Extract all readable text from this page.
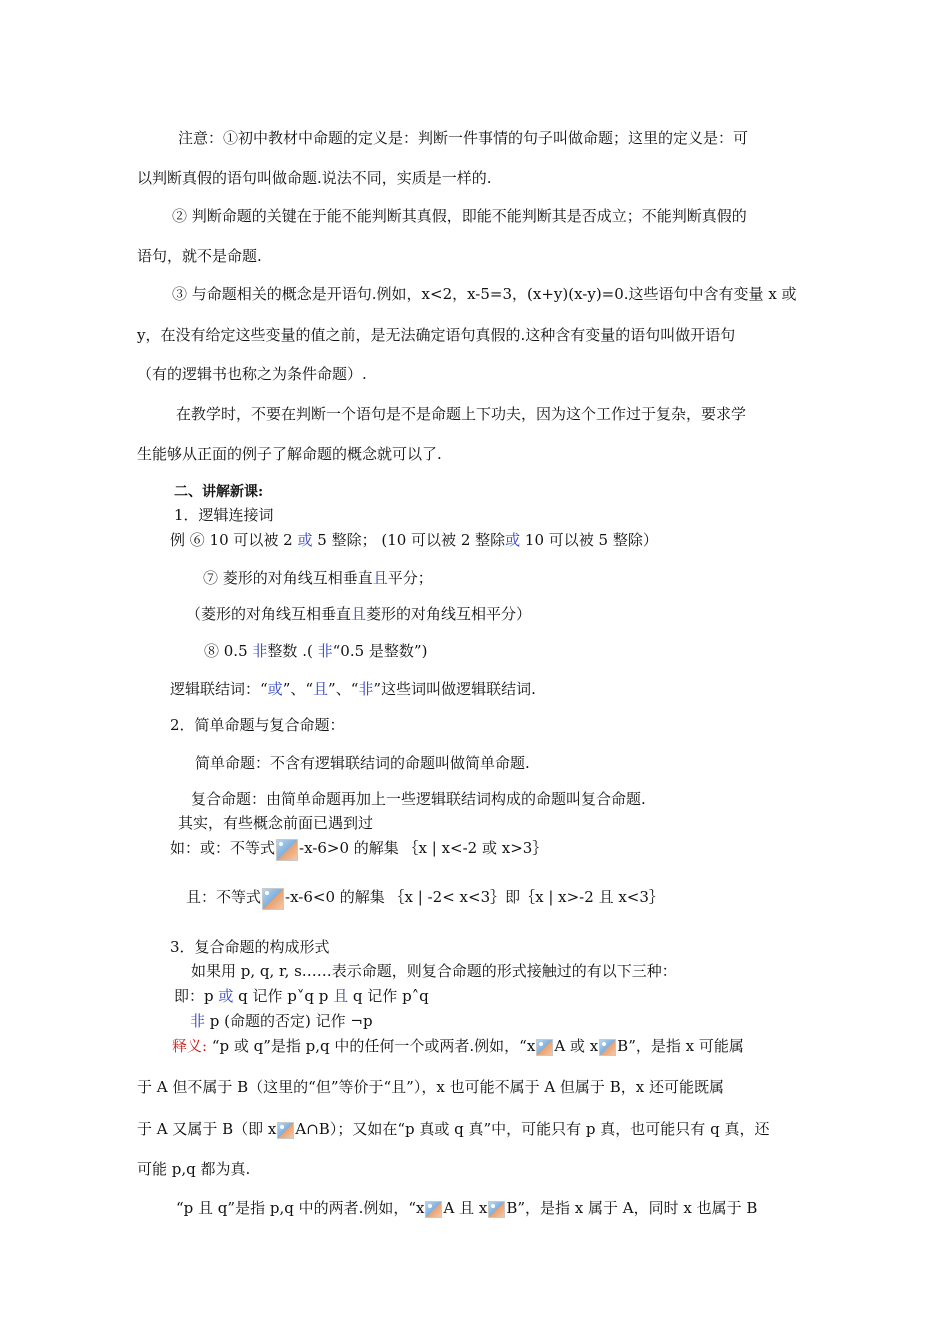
注意：①初中教材中命题的定义是：判断一件事情的句子叫做命题；这里的定义是：可
以判断真假的语句叫做命题.说法不同，实质是一样的.
② 判断命题的关键在于能不能判断其真假，即能不能判断其是否成立；不能判断真假的
语句，就不是命题.
③ 与命题相关的概念是开语句.例如，x<2，x-5=3，(x+y)(x-y)=0.这些语句中含有变量 x 或
y，在没有给定这些变量的值之前，是无法确定语句真假的.这种含有变量的语句叫做开语句
（有的逻辑书也称之为条件命题）.
在教学时，不要在判断一个语句是不是命题上下功夫，因为这个工作过于复杂，要求学
生能够从正面的例子了解命题的概念就可以了.
二、讲解新课:
1．逻辑连接词
例 ⑥ 10 可以被 2 或 5 整除； (10 可以被 2 整除或 10 可以被 5 整除）
⑦ 菱形的对角线互相垂直且平分；
（菱形的对角线互相垂直且菱形的对角线互相平分）
⑧ 0.5 非整数 .( 非“0.5 是整数”)
逻辑联结词：“或”、“且”、“非”这些词叫做逻辑联结词.
2．简单命题与复合命题：
简单命题：不含有逻辑联结词的命题叫做简单命题.
复合命题：由简单命题再加上一些逻辑联结词构成的命题叫复合命题.
其实，有些概念前面已遇到过
如：或：不等式 -x-6>0 的解集 ｛x | x<-2 或 x>3｝
且：不等式 -x-6<0 的解集 ｛x | -2< x<3｝即｛x | x>-2 且 x<3｝
3．复合命题的构成形式
如果用 p, q, r, s……表示命题，则复合命题的形式接触过的有以下三种：
即：p 或 q 记作 p˅q p 且 q 记作 p˄q
非 p (命题的否定) 记作 ¬p
释义: “p 或 q”是指 p,q 中的任何一个或两者.例如，“x A 或 x B”，是指 x 可能属
于 A 但不属于 B（这里的“但”等价于“且”），x 也可能不属于 A 但属于 B，x 还可能既属
于 A 又属于 B（即 x A∩B）；又如在“p 真或 q 真”中，可能只有 p 真，也可能只有 q 真，还
可能 p,q 都为真.
“p 且 q”是指 p,q 中的两者.例如，“x A 且 x B”，是指 x 属于 A，同时 x 也属于 B
